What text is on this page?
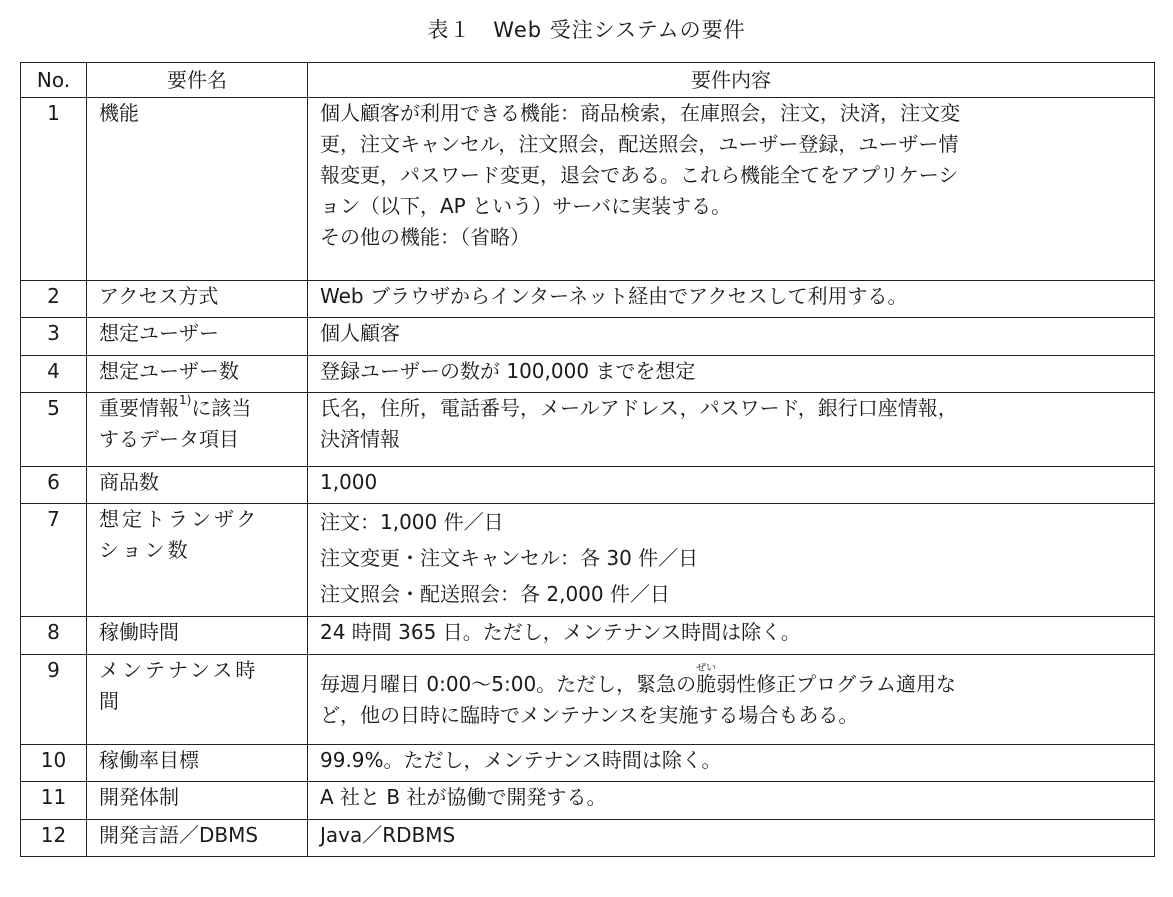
表１　Web 受注システムの要件
No.	要件名	要件内容
1	機能	個人顧客が利用できる機能：商品検索，在庫照会，注文，決済，注文変
更，注文キャンセル，注文照会，配送照会，ユーザー登録，ユーザー情
報変更，パスワード変更，退会である。これら機能全てをアプリケーシ
ョン（以下，AP という）サーバに実装する。
その他の機能：（省略）

2	アクセス方式	Web ブラウザからインターネット経由でアクセスして利用する。

3	想定ユーザー	個人顧客

4	想定ユーザー数	登録ユーザーの数が 100,000 までを想定

5	重要情報$^{1)}$に該当
するデータ項目	氏名，住所，電話番号，メールアドレス，パスワード，銀行口座情報，
決済情報

6	商品数	1,000

7	想定トランザク
ション数	注文：1,000 件／日
注文変更・注文キャンセル：各 30 件／日
注文照会・配送照会：各 2,000 件／日

8	稼働時間	24 時間 365 日。ただし，メンテナンス時間は除く。

9	メンテナンス時
間	毎週月曜日 0:00～5:00。ただし，緊急の脆ぜい弱性修正プログラム適用な
ど，他の日時に臨時でメンテナンスを実施する場合もある。

10	稼働率目標	99.9%。ただし，メンテナンス時間は除く。

11	開発体制	A 社と B 社が協働で開発する。

12	開発言語／DBMS	Java／RDBMS
